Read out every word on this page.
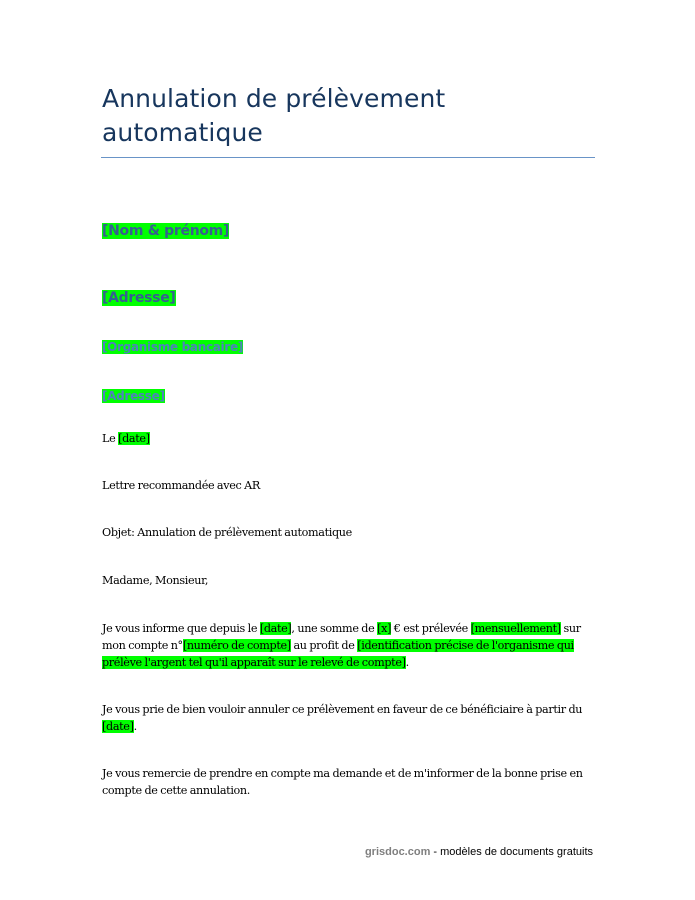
Annulation de prélèvement
automatique
[Nom & prénom]
[Adresse]
[Organisme bancaire]
[Adresse]

Le [date]

Lettre recommandée avec AR

Objet: Annulation de prélèvement automatique

Madame, Monsieur,

Je vous informe que depuis le [date], une somme de [x] € est prélevée [mensuellement] sur mon compte n°[numéro de compte] au profit de [identification précise de l'organisme qui prélève l'argent tel qu'il apparaît sur le relevé de compte].

Je vous prie de bien vouloir annuler ce prélèvement en faveur de ce bénéficiaire à partir du [date].

Je vous remercie de prendre en compte ma demande et de m'informer de la bonne prise en compte de cette annulation.

grisdoc.com - modèles de documents gratuits
